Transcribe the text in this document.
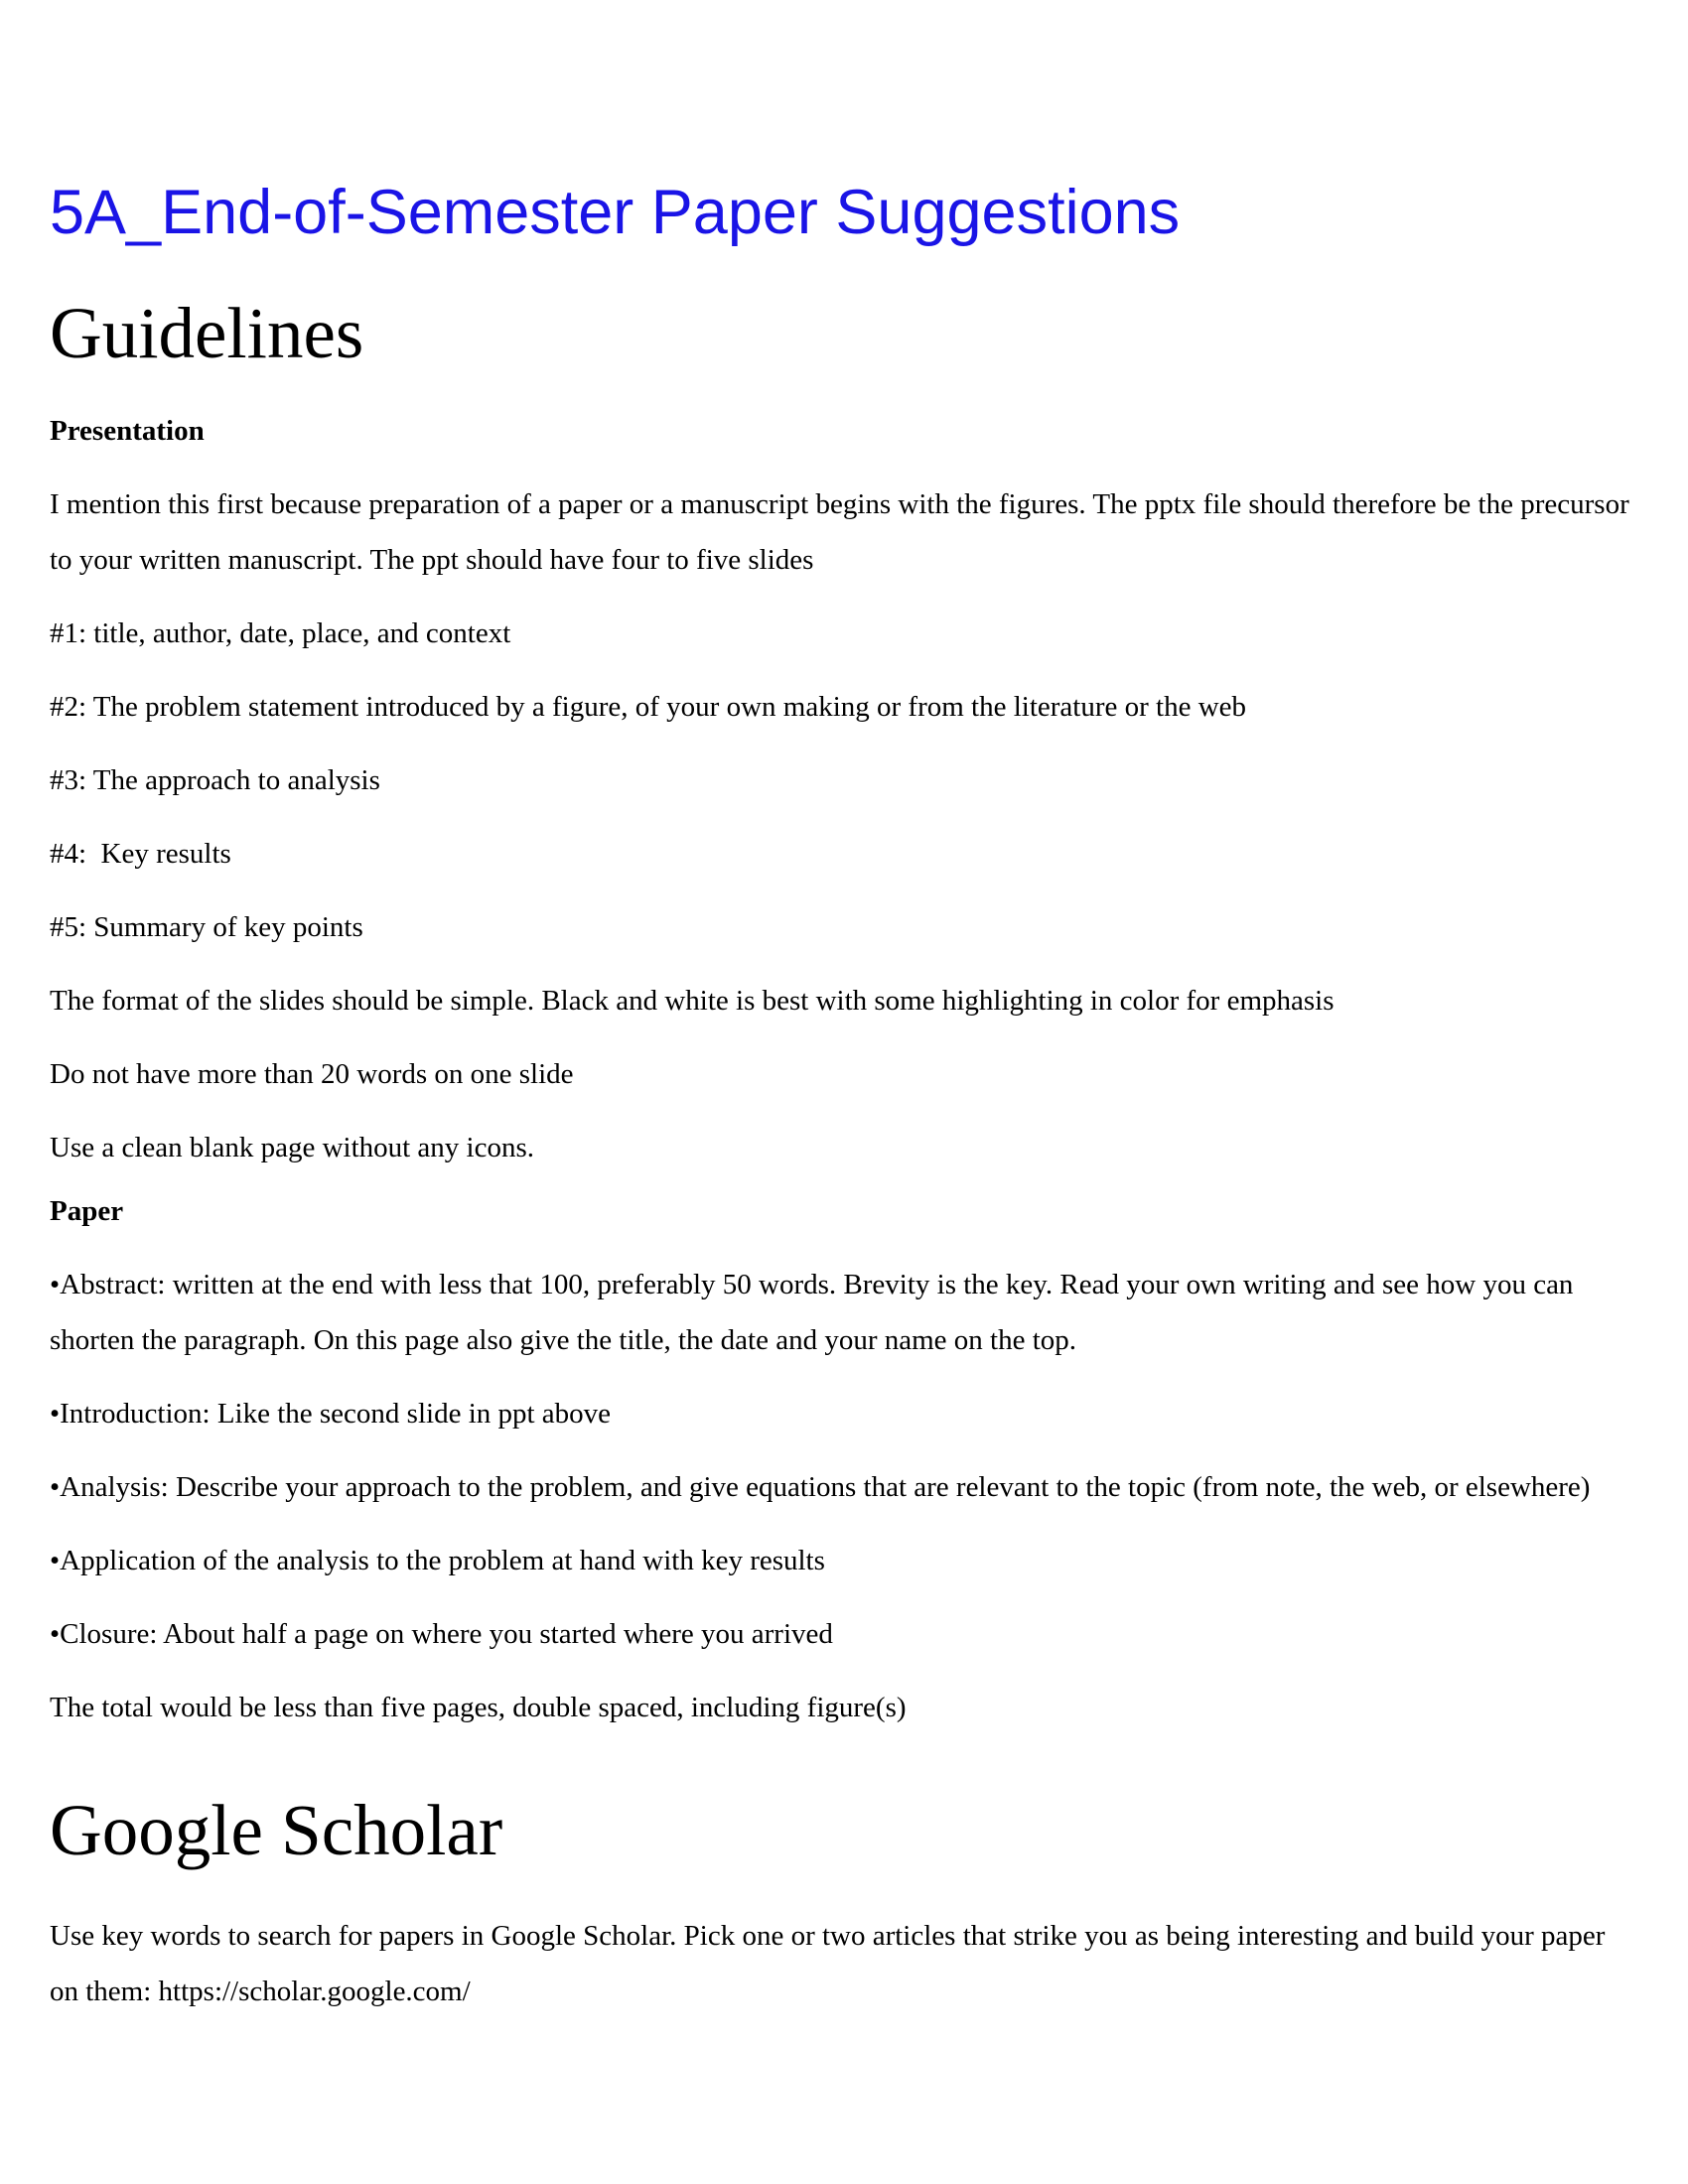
5A_End-of-Semester Paper Suggestions
Guidelines
Presentation

I mention this first because preparation of a paper or a manuscript begins with the figures. The pptx file should therefore be the precursor to your written manuscript. The ppt should have four to five slides

#1: title, author, date, place, and context

#2: The problem statement introduced by a figure, of your own making or from the literature or the web

#3: The approach to analysis

#4:  Key results

#5: Summary of key points

The format of the slides should be simple. Black and white is best with some highlighting in color for emphasis

Do not have more than 20 words on one slide

Use a clean blank page without any icons.

Paper

•Abstract: written at the end with less that 100, preferably 50 words. Brevity is the key. Read your own writing and see how you can shorten the paragraph. On this page also give the title, the date and your name on the top.

•Introduction: Like the second slide in ppt above

•Analysis: Describe your approach to the problem, and give equations that are relevant to the topic (from note, the web, or elsewhere)

•Application of the analysis to the problem at hand with key results

•Closure: About half a page on where you started where you arrived

The total would be less than five pages, double spaced, including figure(s)

Google Scholar

Use key words to search for papers in Google Scholar. Pick one or two articles that strike you as being interesting and build your paper on them: https://scholar.google.com/
